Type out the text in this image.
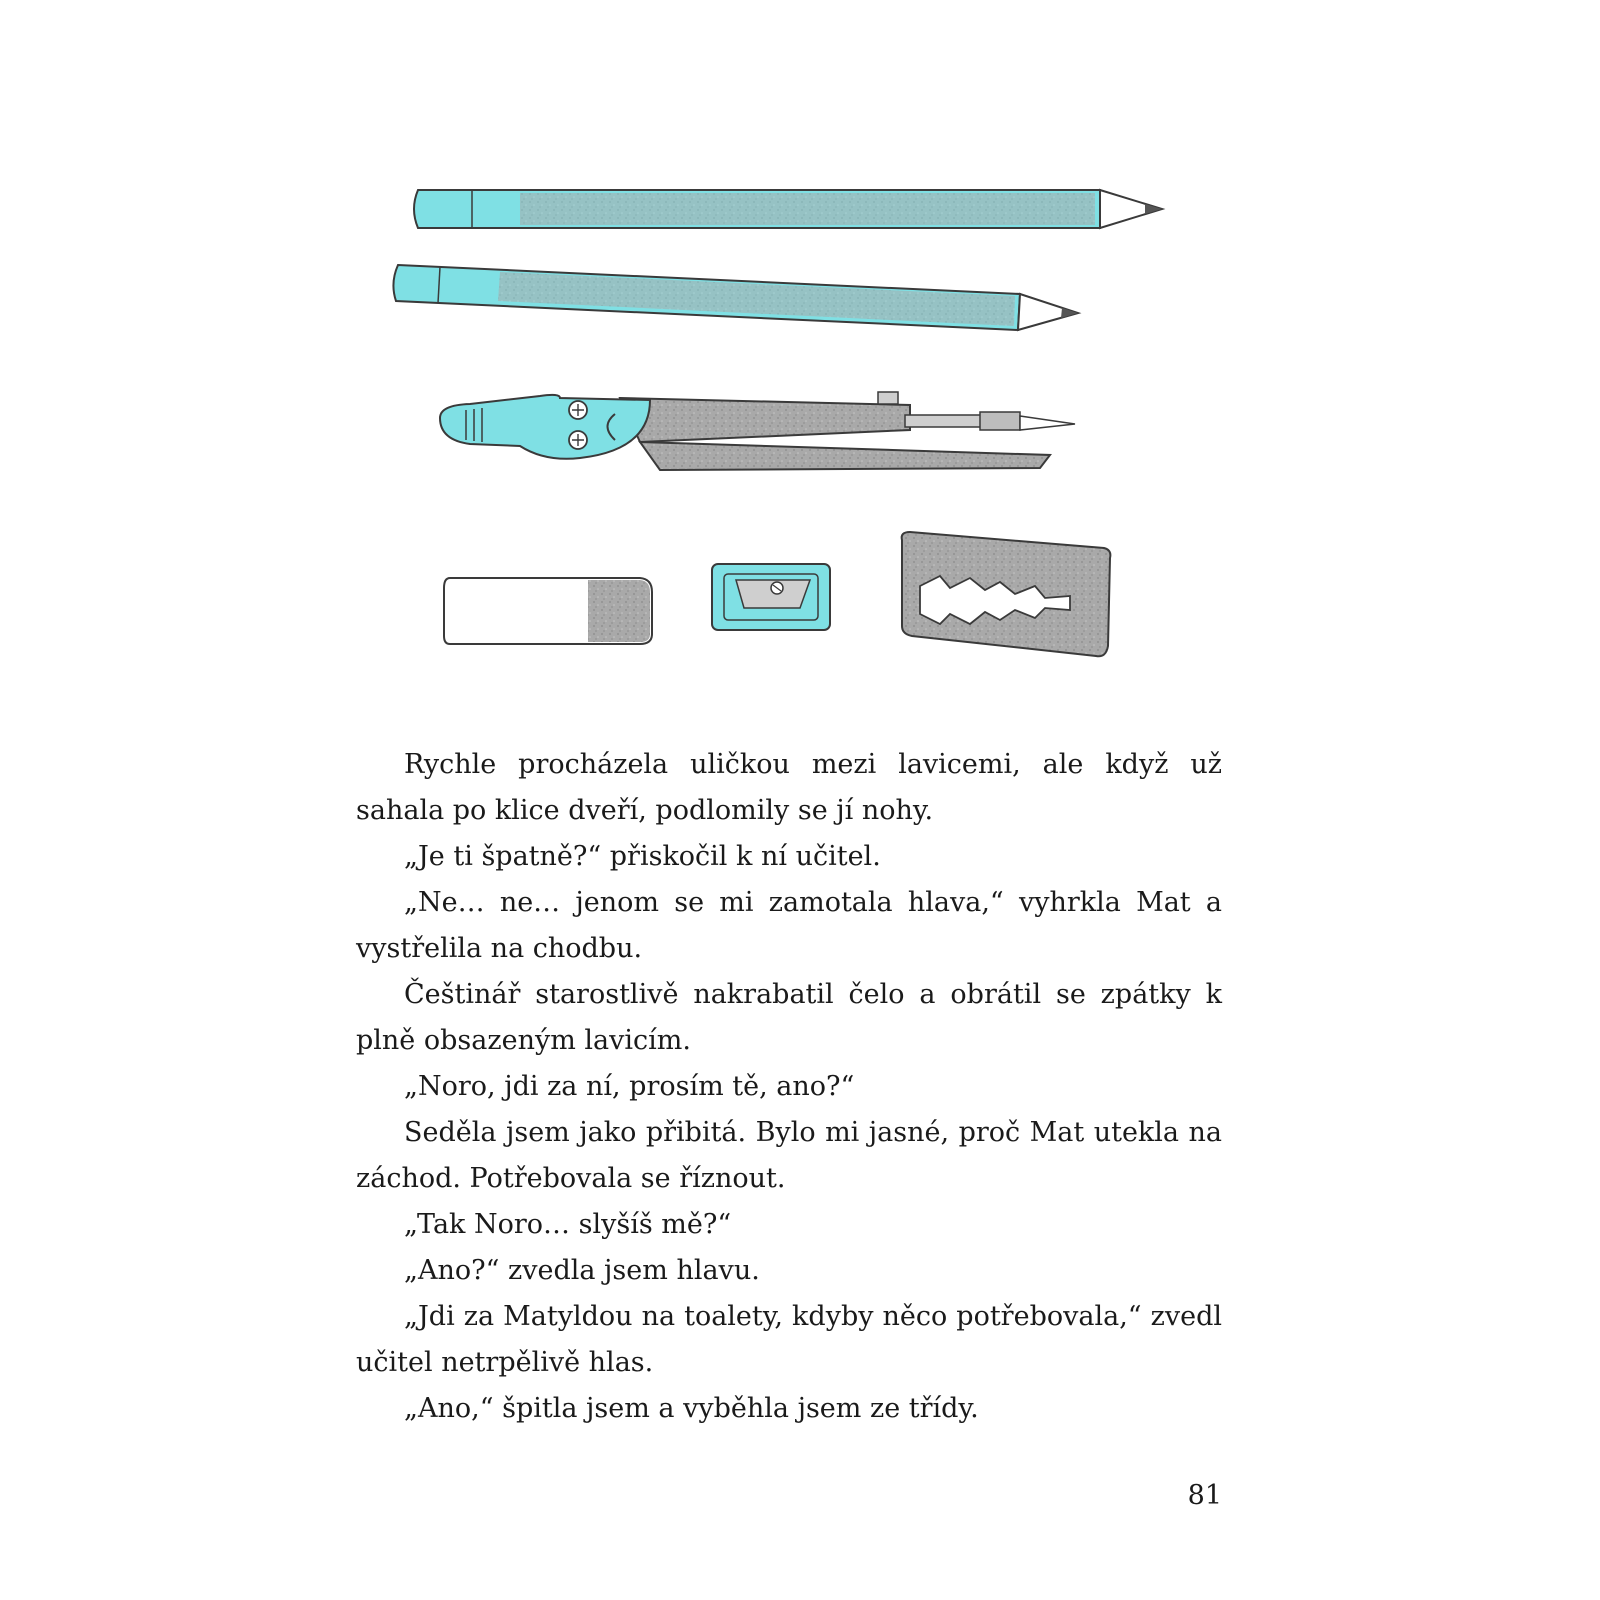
Rychle procházela uličkou mezi lavicemi, ale když už sahala po klice dveří, podlomily se jí nohy.

„Je ti špatně?“ přiskočil k ní učitel.

„Ne… ne… jenom se mi zamotala hlava,“ vyhrkla Mat a vystřelila na chodbu.

Češtinář starostlivě nakrabatil čelo a obrátil se zpátky k plně obsazeným lavicím.

„Noro, jdi za ní, prosím tě, ano?“

Seděla jsem jako přibitá. Bylo mi jasné, proč Mat utekla na záchod. Potřebovala se říznout.

„Tak Noro… slyšíš mě?“

„Ano?“ zvedla jsem hlavu.

„Jdi za Matyldou na toalety, kdyby něco potřebovala,“ zvedl učitel netrpělivě hlas.

„Ano,“ špitla jsem a vyběhla jsem ze třídy.

81
